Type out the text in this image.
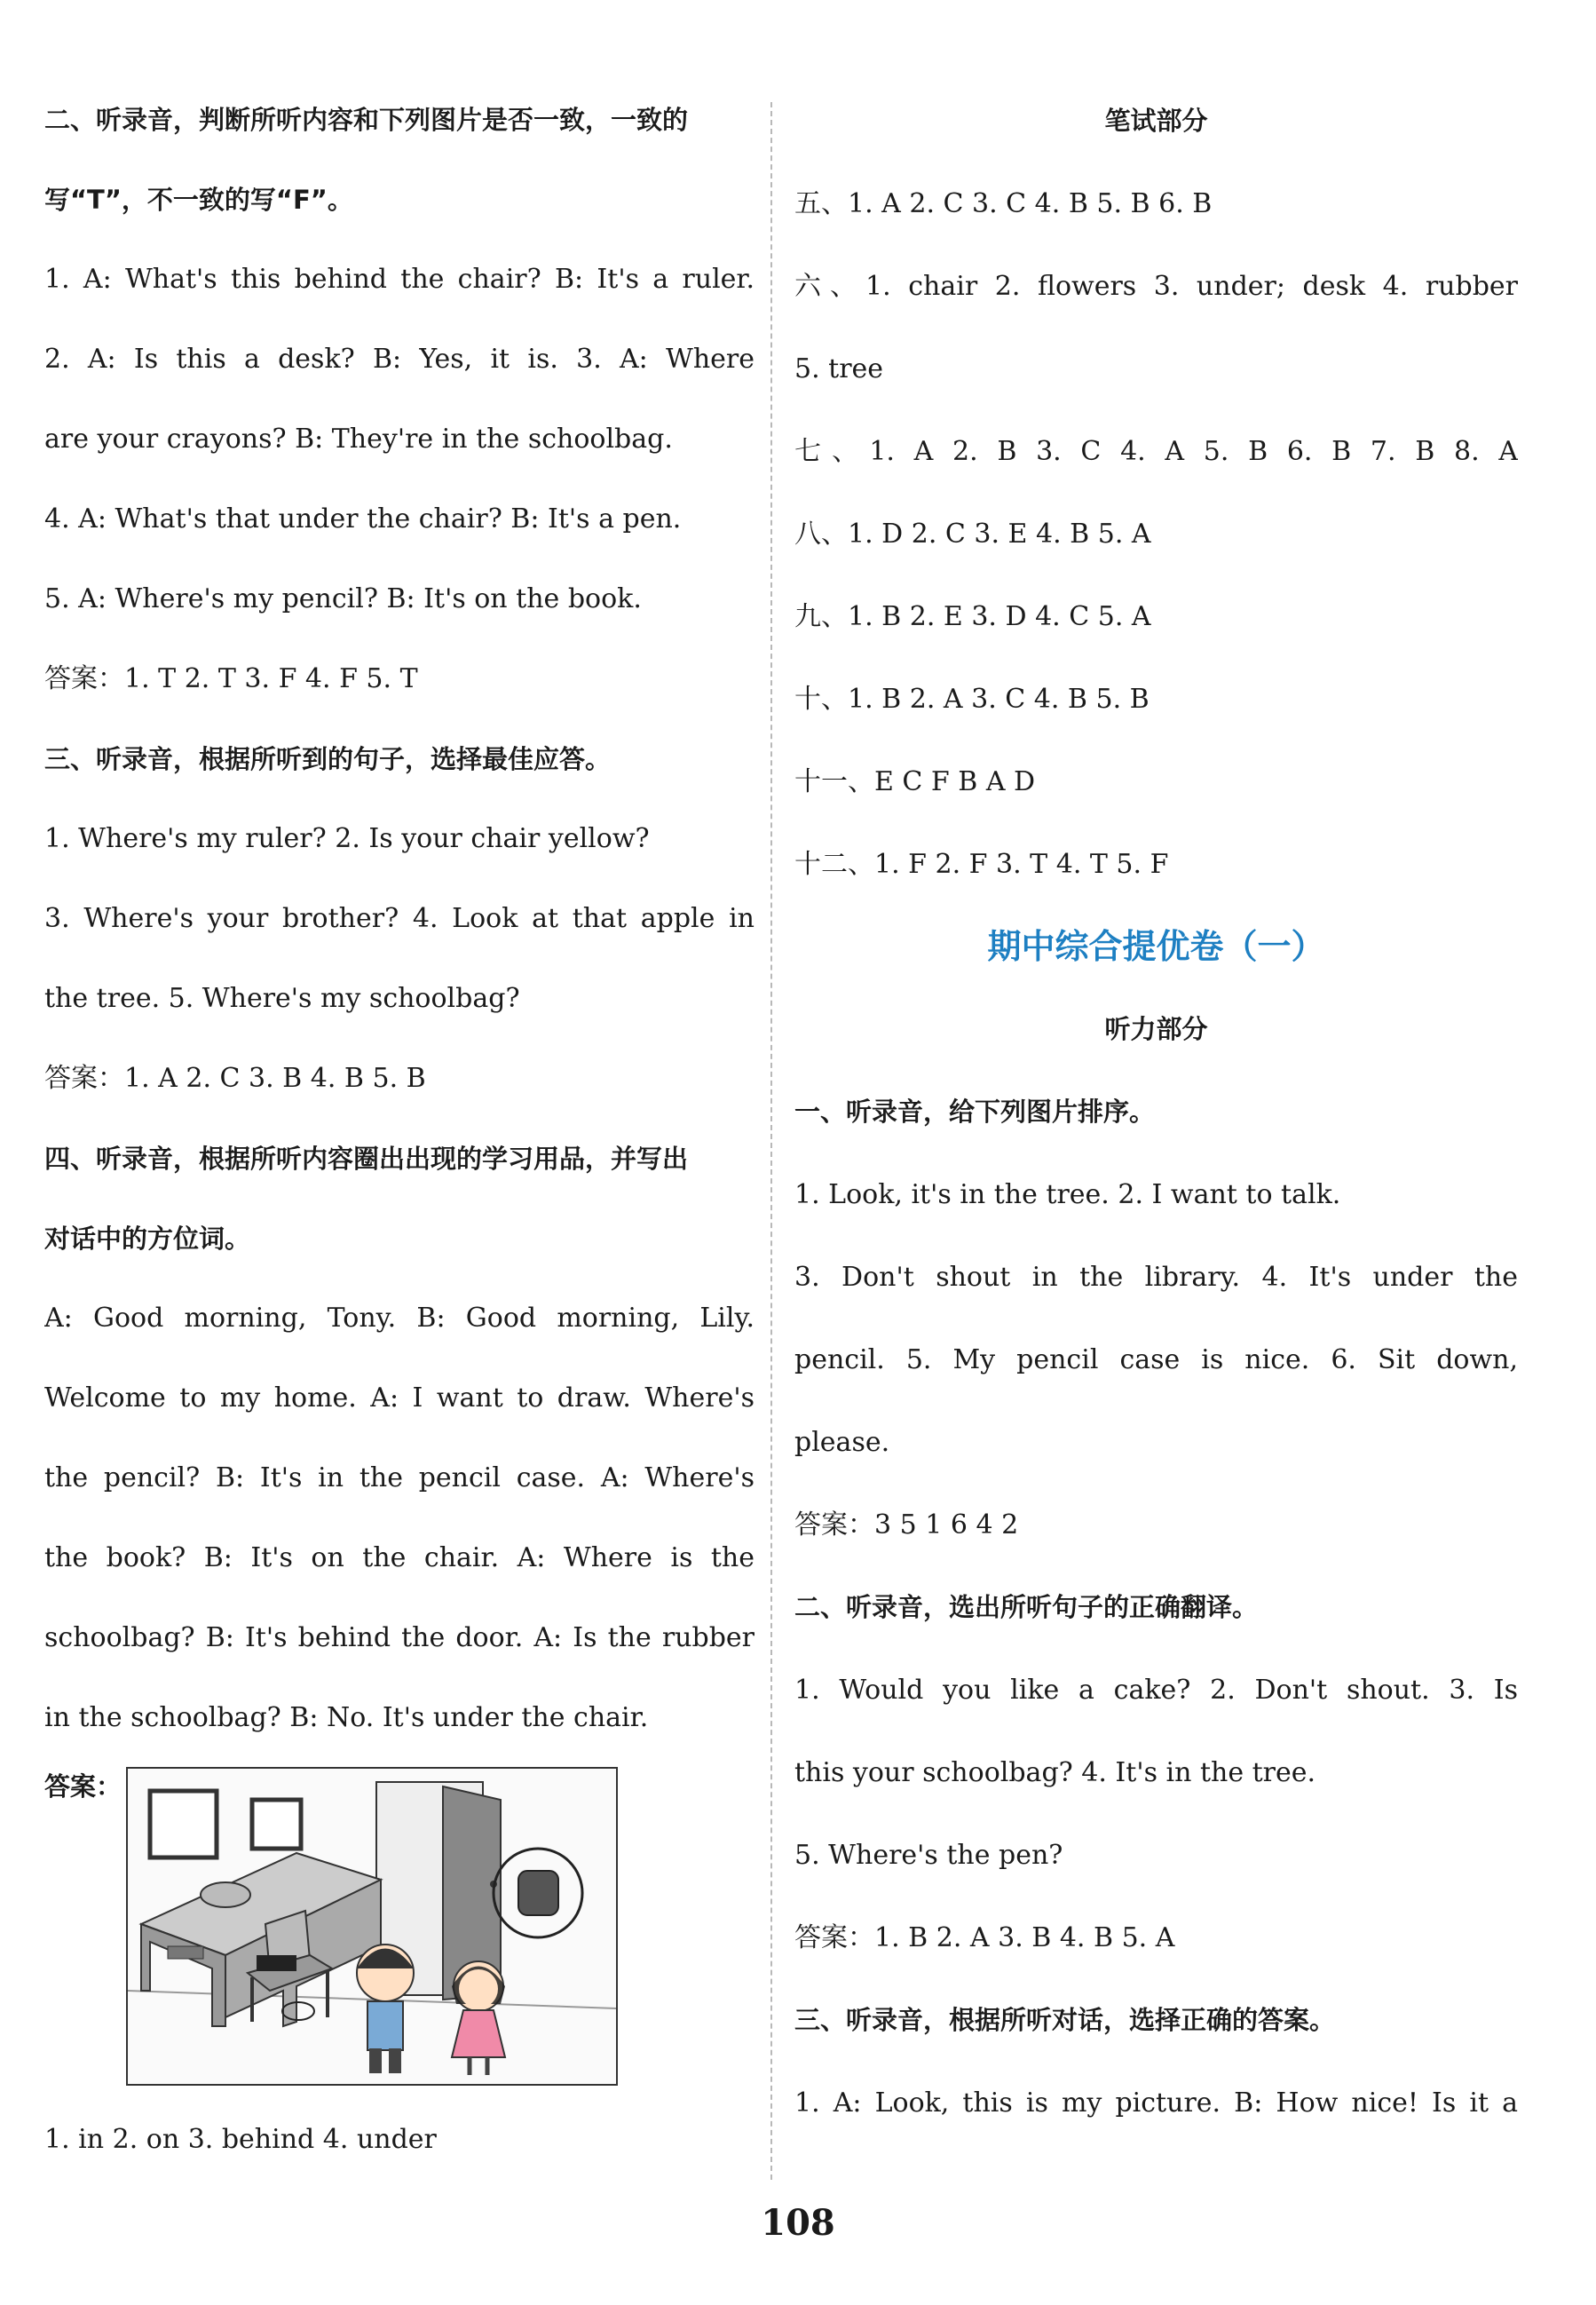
二、听录音，判断所听内容和下列图片是否一致，一致的
写“T”，不一致的写“F”。
1. A: What's this behind the chair? B: It's a ruler.
2. A: Is this a desk? B: Yes, it is. 3. A: Where
are your crayons? B: They're in the schoolbag.
4. A: What's that under the chair? B: It's a pen.
5. A: Where's my pencil? B: It's on the book.
答案：1. T 2. T 3. F 4. F 5. T
三、听录音，根据所听到的句子，选择最佳应答。
1. Where's my ruler? 2. Is your chair yellow?
3. Where's your brother? 4. Look at that apple in
the tree. 5. Where's my schoolbag?
答案：1. A 2. C 3. B 4. B 5. B
四、听录音，根据所听内容圈出出现的学习用品，并写出
对话中的方位词。
A: Good morning, Tony. B: Good morning, Lily.
Welcome to my home. A: I want to draw. Where's
the pencil? B: It's in the pencil case. A: Where's
the book? B: It's on the chair. A: Where is the
schoolbag? B: It's behind the door. A: Is the rubber
in the schoolbag? B: No. It's under the chair.
答案：
1. in 2. on 3. behind 4. under
笔试部分
五、1. A 2. C 3. C 4. B 5. B 6. B
六、1. chair 2. flowers 3. under; desk 4. rubber
5. tree
七、1. A 2. B 3. C 4. A 5. B 6. B 7. B 8. A
八、1. D 2. C 3. E 4. B 5. A
九、1. B 2. E 3. D 4. C 5. A
十、1. B 2. A 3. C 4. B 5. B
十一、E C F B A D
十二、1. F 2. F 3. T 4. T 5. F
期中综合提优卷（一）
听力部分
一、听录音，给下列图片排序。
1. Look, it's in the tree. 2. I want to talk.
3. Don't shout in the library. 4. It's under the
pencil. 5. My pencil case is nice. 6. Sit down,
please.
答案：3 5 1 6 4 2
二、听录音，选出所听句子的正确翻译。
1. Would you like a cake? 2. Don't shout. 3. Is
this your schoolbag? 4. It's in the tree.
5. Where's the pen?
答案：1. B 2. A 3. B 4. B 5. A
三、听录音，根据所听对话，选择正确的答案。
1. A: Look, this is my picture. B: How nice! Is it a
108
